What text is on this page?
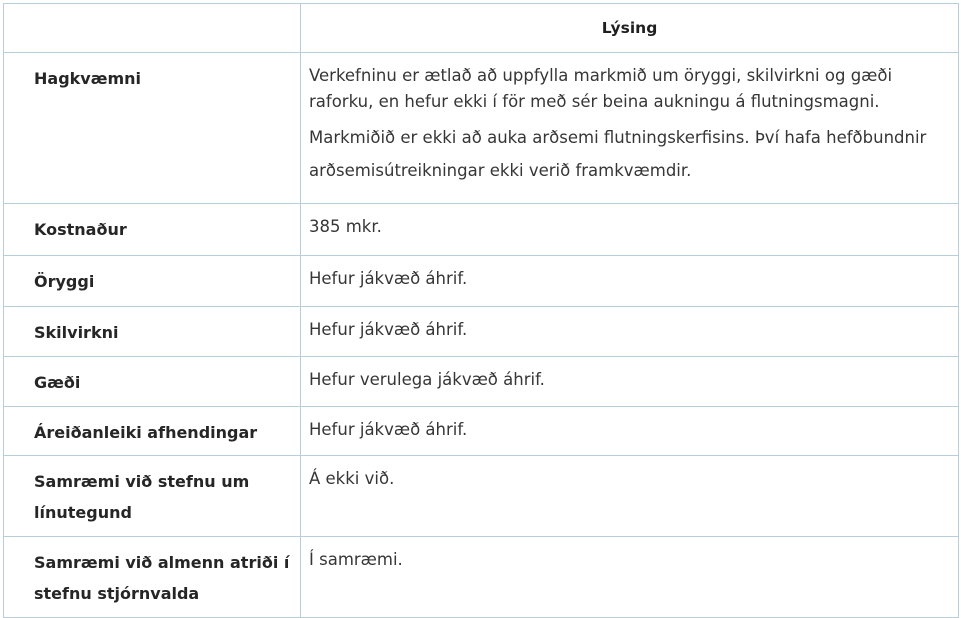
	Lýsing
Hagkvæmni	Verkefninu er ætlað að uppfylla markmið um öryggi, skilvirkni og gæði raforku, en hefur ekki í för með sér beina aukningu á flutningsmagni.

Markmiðið er ekki að auka arðsemi flutningskerfisins. Því hafa hefðbundnir arðsemisútreikningar ekki verið framkvæmdir.

Kostnaður	385 mkr.
Öryggi	Hefur jákvæð áhrif.
Skilvirkni	Hefur jákvæð áhrif.
Gæði	Hefur verulega jákvæð áhrif.
Áreiðanleiki afhendingar	Hefur jákvæð áhrif.
Samræmi við stefnu um línutegund	Á ekki við.
Samræmi við almenn atriði í stefnu stjórnvalda	Í samræmi.
